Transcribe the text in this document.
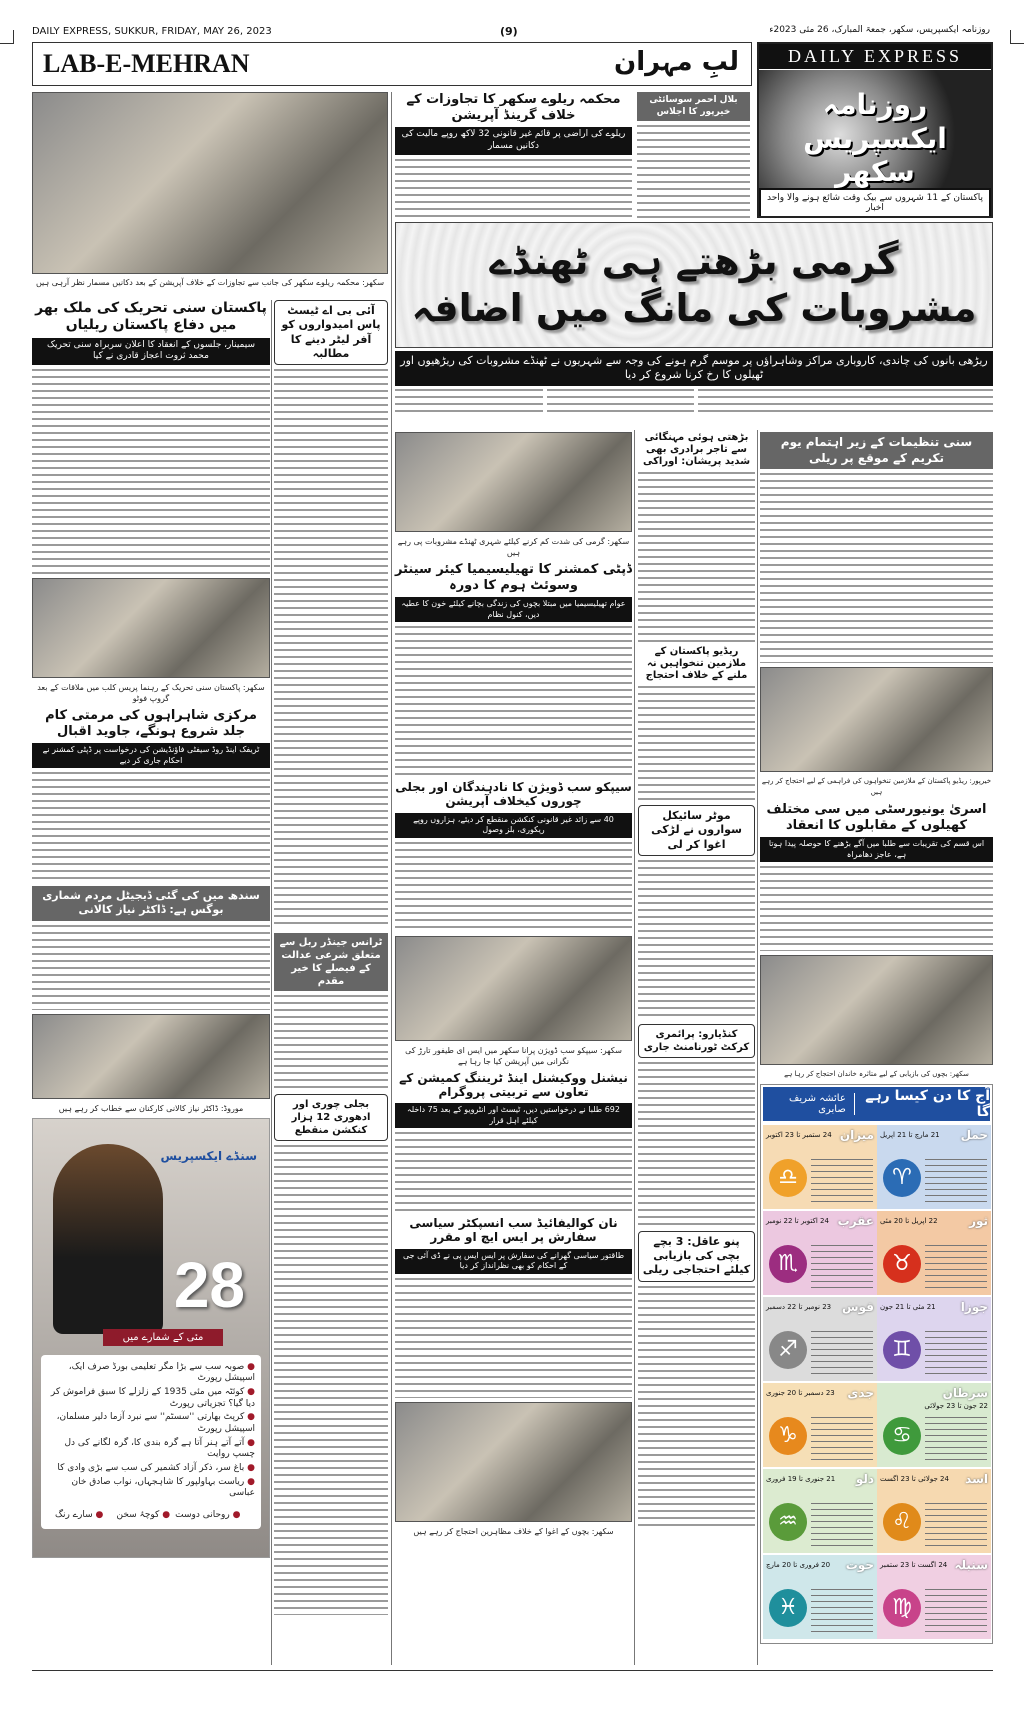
DAILY EXPRESS, SUKKUR, FRIDAY, MAY 26, 2023	(9)	روزنامہ ایکسپریس، سکھر، جمعۃ المبارک، 26 مئی 2023ء
LAB-E-MEHRAN	لبِ مہران	DAILY EXPRESS
روزنامہ ایکسپریس سکھر
پاکستان کے 11 شہروں سے بیک وقت شائع ہونے والا واحد اخبار
سکھر: محکمہ ریلوے سکھر کی جانب سے تجاوزات کے خلاف آپریشن کے بعد دکانیں مسمار نظر آرہی ہیں
محکمہ ریلوے سکھر کا تجاوزات کے خلاف گرینڈ آپریشن
ریلوے کی اراضی پر قائم غیر قانونی 32 لاکھ روپے مالیت کی دکانیں مسمار
بلال احمر سوسائٹی خیرپور کا اجلاس
گرمی بڑھتے ہی ٹھنڈے مشروبات کی مانگ میں اضافہ
ریڑھی بانوں کی چاندی، کاروباری مراکز وشاہراؤں پر موسم گرم ہونے کی وجہ سے شہریوں نے ٹھنڈے مشروبات کی ریڑھیوں اور ٹھیلوں کا رخ کرنا شروع کر دیا
پاکستان سنی تحریک کی ملک بھر میں دفاع پاکستان ریلیاں
سیمینار، جلسوں کے انعقاد کا اعلان سربراہ سنی تحریک محمد ثروت اعجاز قادری نے کیا
سکھر: پاکستان سنی تحریک کے رہنما پریس کلب میں ملاقات کے بعد گروپ فوٹو
مرکزی شاہراہوں کی مرمتی کام جلد شروع ہونگے، جاوید اقبال
ٹریفک اینڈ روڈ سیفٹی فاؤنڈیشن کی درخواست پر ڈپٹی کمشنر نے احکام جاری کر دیے
سندھ میں کی گئی ڈیجیٹل مردم شماری بوگس ہے: ڈاکٹر نیاز کالانی
موروڈ: ڈاکٹر نیاز کالانی کارکنان سے خطاب کر رہے ہیں
سنڈے ایکسپریس
28
مئی کے شمارے میں
● صوبہ سب سے بڑا مگر تعلیمی بورڈ صرف ایک، اسپیشل رپورٹ
● کوئٹہ میں مئی 1935 کے زلزلے کا سبق فراموش کر دیا گیا؟ تجزیاتی رپورٹ
● کرپٹ بھارتی ''سسٹم'' سے نبرد آزما دلیر مسلمان، اسپیشل رپورٹ
● آتے آتے ہنر آتا ہے گرہ بندی کا، گرہ لگانے کی دل چسپ روایت
● باغ سر، ذکر آزاد کشمیر کی سب سے بڑی وادی کا
● ریاست بہاولپور کا شاہجہاں، نواب صادق خان عباسی
● سارے رنگ	● کوچۂ سخن ● روحانی دوست
آئی بی اے ٹیسٹ پاس امیدواروں کو آفر لیٹر دینے کا مطالبہ
ٹرانس جینڈر ربل سے متعلق شرعی عدالت کے فیصلے کا خیر مقدم
بجلی چوری اور ادھوری 12 ہزار کنکشن منقطع
سکھر: گرمی کی شدت کم کرنے کیلئے شہری ٹھنڈے مشروبات پی رہے ہیں
ڈپٹی کمشنر کا تھیلیسیمیا کیئر سینٹر وسوئٹ ہوم کا دورہ
عوام تھیلیسیمیا میں مبتلا بچوں کی زندگی بچانے کیلئے خون کا عطیہ دیں، کنول نظام
سیپکو سب ڈویژن کا نادہندگان اور بجلی چوروں کیخلاف آپریشن
40 سے زائد غیر قانونی کنکشن منقطع کر دیئے، ہزاروں روپے ریکوری، بلز وصول
سکھر: سیپکو سب ڈویژن پرانا سکھر میں ایس ای طیفور تارڑ کی نگرانی میں آپریشن کیا جا رہا ہے
نیشنل ووکیشنل اینڈ ٹریننگ کمیشن کے تعاون سے تربیتی پروگرام
692 طلبا نے درخواستیں دیں، ٹیسٹ اور انٹرویو کے بعد 75 داخلہ کیلئے اہل قرار
نان کوالیفائیڈ سب انسپکٹر سیاسی سفارش پر ایس ایچ او مقرر
طاقتور سیاسی گھرانے کی سفارش پر ایس ایس پی نے ڈی آئی جی کے احکام کو بھی نظرانداز کر دیا
سکھر: بچوں کے اغوا کے خلاف مظاہرین احتجاج کر رہے ہیں
بڑھتی ہوئی مہنگائی سے تاجر برادری بھی شدید پریشان: اوراکی
ریڈیو پاکستان کے ملازمین تنخواہیں نہ ملنے کے خلاف احتجاج
موٹر سائیکل سواروں نے لڑکی اغوا کر لی
کنڈیارو: پرائمری کرکٹ ٹورنامنٹ جاری
پنو عاقل: 3 بچے بچی کی بازیابی کیلئے احتجاجی ریلی
سنی تنظیمات کے زیر اہتمام یوم تکریم کے موقع پر ریلی
خیرپور: ریڈیو پاکستان کے ملازمین تنخواہوں کی فراہمی کے لیے احتجاج کر رہے ہیں
اسریٰ یونیورسٹی میں سی مختلف کھیلوں کے مقابلوں کا انعقاد
اس قسم کی تقریبات سے طلبا میں آگے بڑھنے کا حوصلہ پیدا ہوتا ہے، عاجز دھامراہ
سکھر: بچوں کی بازیابی کے لیے متاثرہ خاندان احتجاج کر رہا ہے
آج کا دن کیسا رہے گا
عائشہ شریف صابری
حمل
21 مارچ تا 21 اپریل
♈
میزان
24 ستمبر تا 23 اکتوبر
♎
ثور
22 اپریل تا 20 مئی
♉
عقرب
24 اکتوبر تا 22 نومبر
♏
جوزا
21 مئی تا 21 جون
♊
قوس
23 نومبر تا 22 دسمبر
♐
سرطان
22 جون تا 23 جولائی
♋
جدی
23 دسمبر تا 20 جنوری
♑
اسد
24 جولائی تا 23 اگست
♌
دلو
21 جنوری تا 19 فروری
♒
سنبلہ
24 اگست تا 23 ستمبر
♍
حوت
20 فروری تا 20 مارچ
♓
